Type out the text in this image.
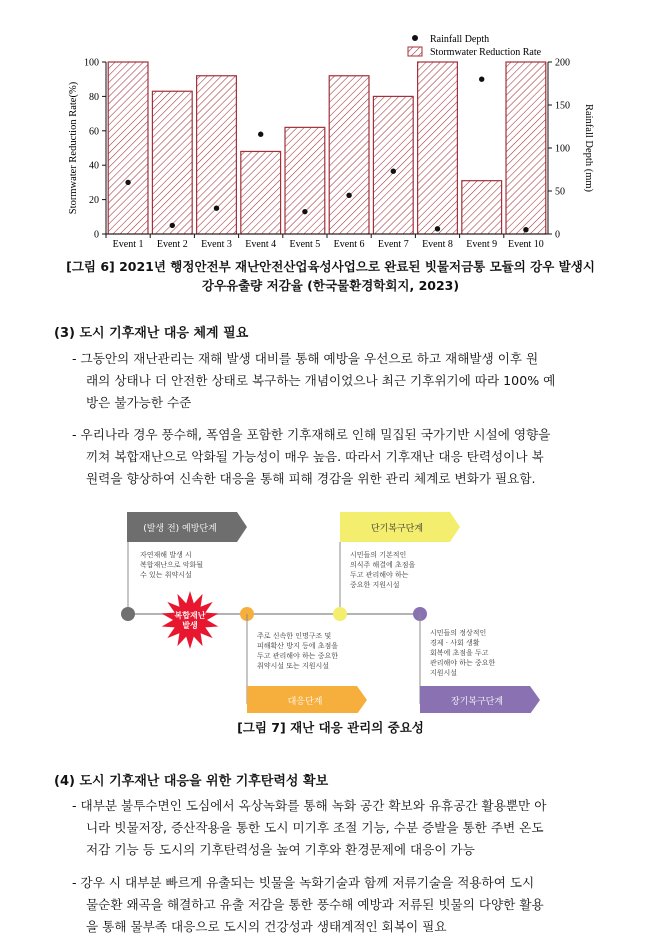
Event 1 Event 2 Event 3 Event 4 Event 5 Event 6 Event 7 Event 8 Event 9 Event 10
0
20
40
60
80
100
0
50
100
150
200
Stormwater Reduction Rate(%)	Rainfall Depth (mm)
Rainfall Depth
Stormwater Reduction Rate
[그림 6] 2021년 행정안전부 재난안전산업육성사업으로 완료된 빗물저금통 모듈의 강우 발생시
강우유출량 저감율 (한국물환경학회지, 2023)
(3) 도시 기후재난 대응 체계 필요
- 그동안의 재난관리는 재해 발생 대비를 통해 예방을 우선으로 하고 재해발생 이후 원
래의 상태나 더 안전한 상태로 복구하는 개념이었으나 최근 기후위기에 따라 100% 예
방은 불가능한 수준
- 우리나라 경우 풍수해, 폭염을 포함한 기후재해로 인해 밀집된 국가기반 시설에 영향을
끼쳐 복합재난으로 악화될 가능성이 매우 높음. 따라서 기후재난 대응 탄력성이나 복
원력을 향상하여 신속한 대응을 통해 피해 경감을 위한 관리 체계로 변화가 필요함.
(발생 전) 예방단계
자연재해 발생 시
복합재난으로 악화될
수 있는 취약시설
복합재난
발생
주로 신속한 인명구조 및
피해확산 방지 등에 초점을
두고 관리해야 하는 중요한
취약시설 또는 지원시설
대응단계
단기복구단계
시민들의 기본적인
의식주 해결에 초점을
두고 관리해야 하는
중요한 지원시설
시민들의 정상적인
경제 · 사회 생활
회복에 초점을 두고
관리해야 하는 중요한
지원시설
장기복구단계
[그림 7] 재난 대응 관리의 중요성
(4) 도시 기후재난 대응을 위한 기후탄력성 확보
- 대부분 불투수면인 도심에서 옥상녹화를 통해 녹화 공간 확보와 유휴공간 활용뿐만 아
니라 빗물저장, 증산작용을 통한 도시 미기후 조절 기능, 수분 증발을 통한 주변 온도
저감 기능 등 도시의 기후탄력성을 높여 기후와 환경문제에 대응이 가능
- 강우 시 대부분 빠르게 유출되는 빗물을 녹화기술과 함께 저류기술을 적용하여 도시
물순환 왜곡을 해결하고 유출 저감을 통한 풍수해 예방과 저류된 빗물의 다양한 활용
을 통해 물부족 대응으로 도시의 건강성과 생태계적인 회복이 필요
